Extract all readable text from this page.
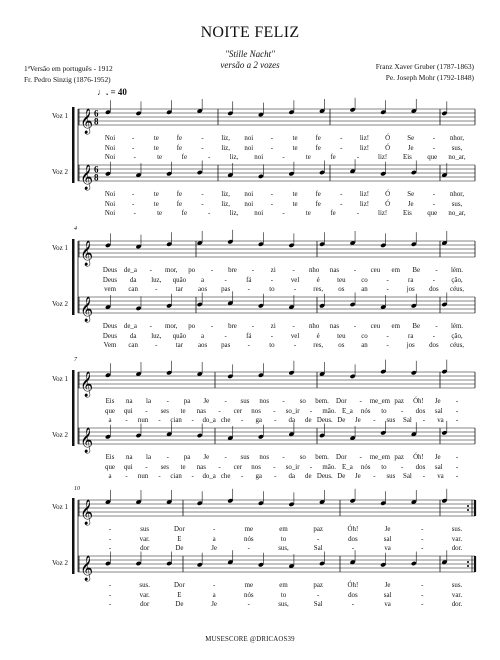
NOITE FELIZ
"Stille Nacht"
versão a 2 vozes
1ªVersão em português - 1912
Fr. Pedro Sinzig (1876-1952)
Franz Xaver Gruber (1787-1863)
Pe. Joseph Mohr (1792-1848)
♩. = 40
𝄞 6
8
𝄞 6
8
𝄞
𝄞
𝄞
𝄞
𝄞
𝄞
Voz 1
Voz 2
Voz 1
Voz 2
Voz 1
Voz 2
Voz 1
Voz 2
4
7
10
Noi -	te	fe	-	liz, noi	-	te	fe	-	liz! Ó Se	- nhor,
Noi -	te	fe	-	liz, noi	-	te	fe	-	liz! Ó	Je	- sus,
Noi	-	te	fe	-	liz, noi	-	te	fe	-	liz! Eis que no_ar,
Noi -	te	fe	-	liz, noi	-	te	fe	-	liz! Ó Se	- nhor,
Noi -	te	fe	-	liz, noi	-	te	fe	-	liz! Ó	Je	- sus,
Noi	-	te	fe	-	liz, noi	-	te	fe	-	liz! Eis que no_ar,
Deus de_a - mor, po - bre - zi - nho nas - ceu em Be - lém.
Deus da luz, quão a	-	fá	-	vel	é	teu co	-	ra	- ção,
vem can -	tar aos pas	-	to	- res, os an	-	jos dos céus,
Deus de_a - mor, po - bre - zi - nho nas - ceu em Be - lém.
Deus da luz, quão a	-	fá	-	vel	é	teu co	-	ra	- ção,
Vem can -	tar aos pas	-	to	- res, os an	-	jos dos céus,
Eis na la - pa Je - sus nos - so bem. Dor - me_em paz Óh! Je -
que qui - ses te nas - cer nos - so_ir - mão. E_a nós to - dos sal -
a - nun - cian - do_a che - ga - da de Deus. De Je - sus Sal - va -
Eis na la - pa Je - sus nos - so bem. Dor - me_em paz Óh! Je -
que qui - ses te nas - cer nos - so_ir - mão. E_a nós to - dos sal -
a - nun - cian - do_a che - ga - da de Deus. De Je - sus Sal - va -
-	sus	Dor	-	me	em	paz	Óh!	Je	-	sus.
-	var.	E	a	nós	to	-	dos	sal	-	var.
-	dor	De	Je	-	sus,	Sal	-	va	-	dor.
-	sus.	Dor	-	me	em	paz	Óh!	Je	-	sus.
-	var.	E	a	nós	to	-	dos	sal	-	var.
-	dor	De	Je	-	sus,	Sal	-	va	-	dor.
MUSESCORE @DRICAOS39
